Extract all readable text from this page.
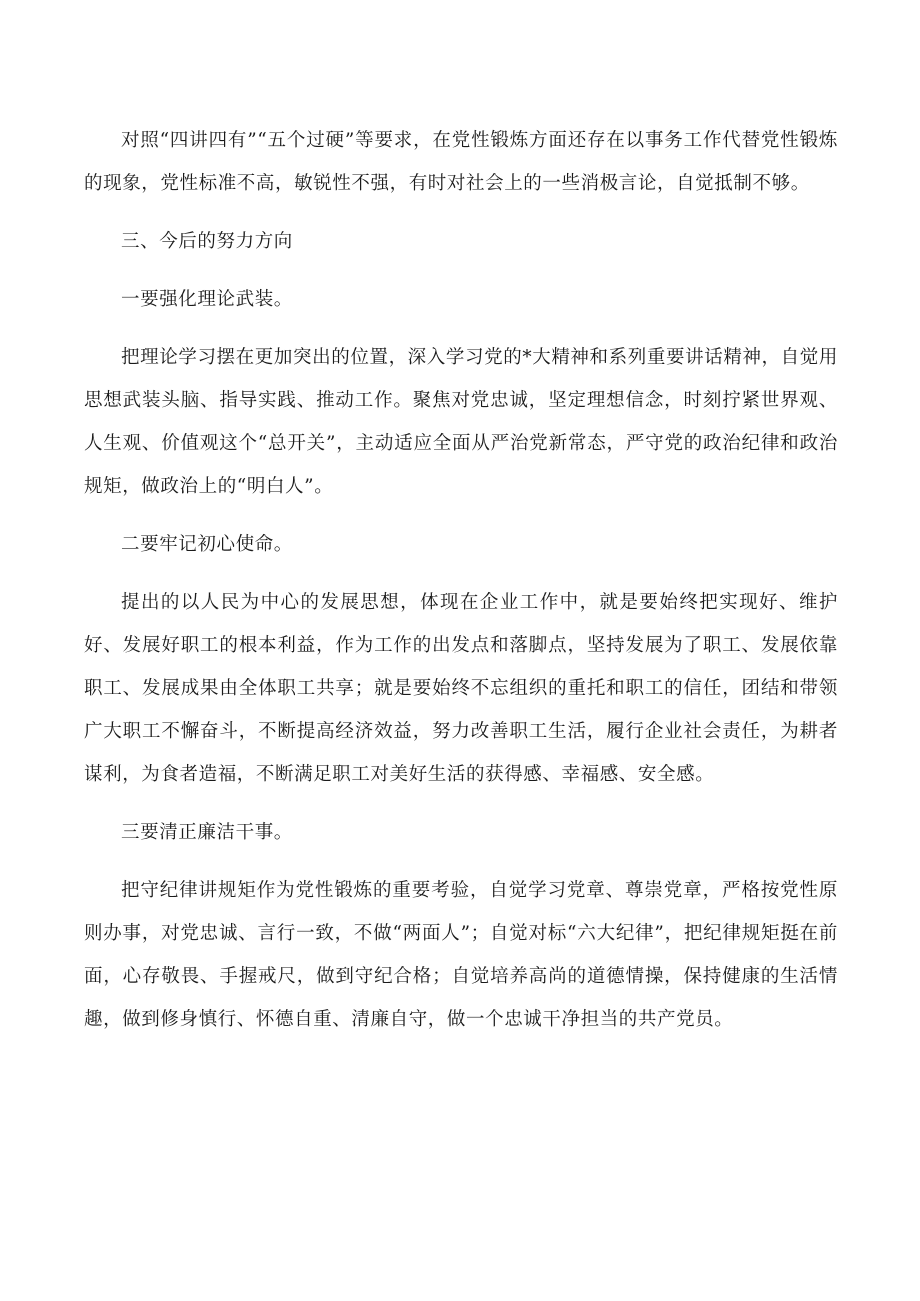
对照“四讲四有”“五个过硬”等要求，在党性锻炼方面还存在以事务工作代替党性锻炼的现象，党性标准不高，敏锐性不强，有时对社会上的一些消极言论，自觉抵制不够。

三、今后的努力方向

一要强化理论武装。

把理论学习摆在更加突出的位置，深入学习党的*大精神和系列重要讲话精神，自觉用思想武装头脑、指导实践、推动工作。聚焦对党忠诚，坚定理想信念，时刻拧紧世界观、人生观、价值观这个“总开关”，主动适应全面从严治党新常态，严守党的政治纪律和政治规矩，做政治上的“明白人”。

二要牢记初心使命。

提出的以人民为中心的发展思想，体现在企业工作中，就是要始终把实现好、维护好、发展好职工的根本利益，作为工作的出发点和落脚点，坚持发展为了职工、发展依靠职工、发展成果由全体职工共享；就是要始终不忘组织的重托和职工的信任，团结和带领广大职工不懈奋斗，不断提高经济效益，努力改善职工生活，履行企业社会责任，为耕者谋利，为食者造福，不断满足职工对美好生活的获得感、幸福感、安全感。

三要清正廉洁干事。

把守纪律讲规矩作为党性锻炼的重要考验，自觉学习党章、尊崇党章，严格按党性原则办事，对党忠诚、言行一致，不做“两面人”；自觉对标“六大纪律”，把纪律规矩挺在前面，心存敬畏、手握戒尺，做到守纪合格；自觉培养高尚的道德情操，保持健康的生活情趣，做到修身慎行、怀德自重、清廉自守，做一个忠诚干净担当的共产党员。
